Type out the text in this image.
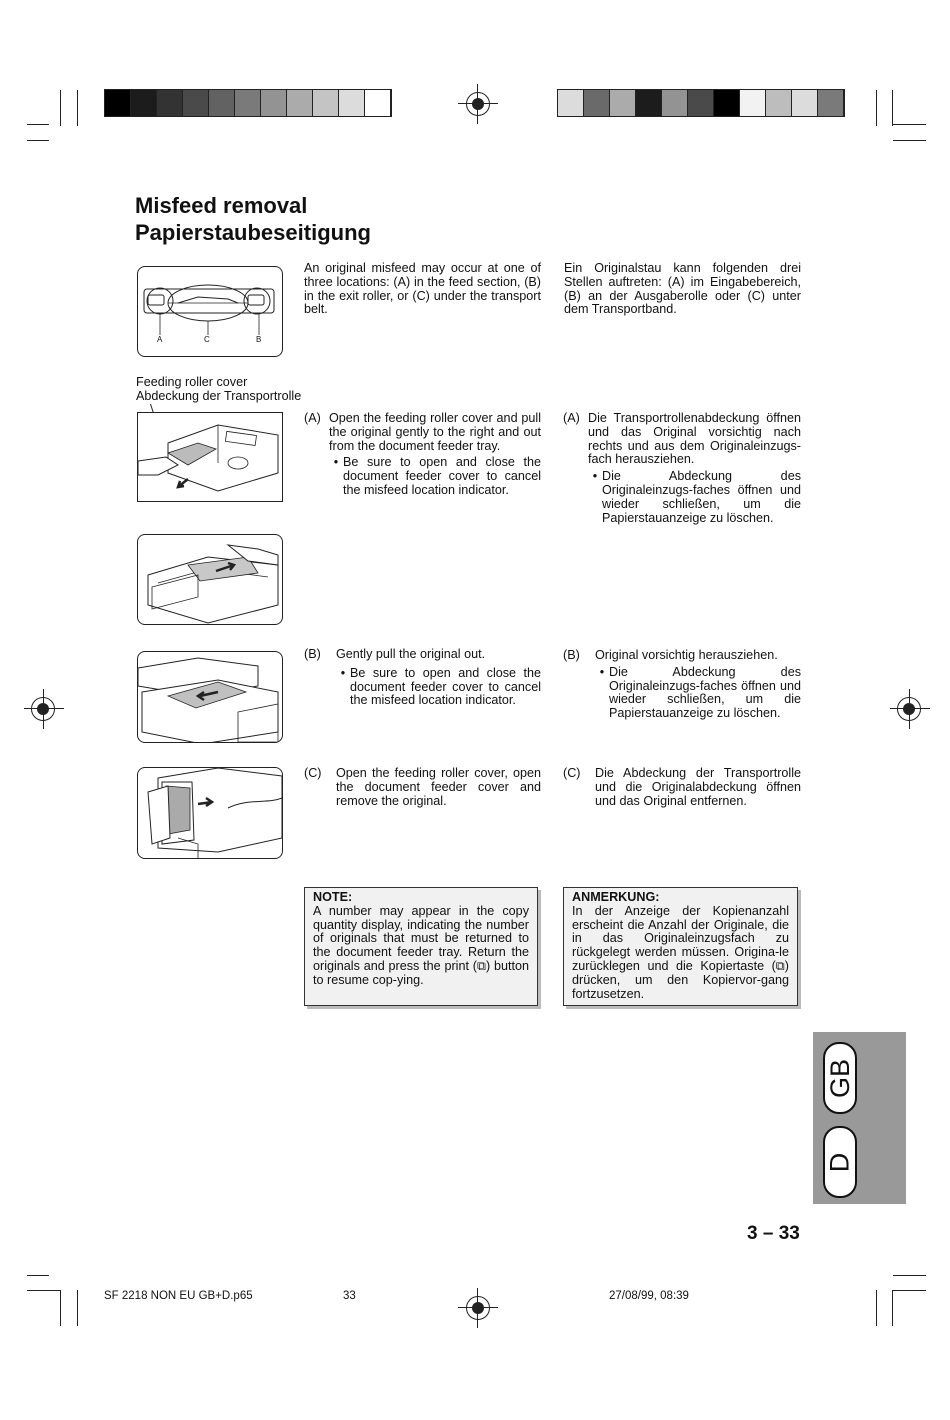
Misfeed removal
Papierstaubeseitigung
A	C	B
An original misfeed may occur at one of three locations: (A) in the feed section, (B) in the exit roller, or (C) under the transport belt.
Ein Originalstau kann folgenden drei Stellen auftreten: (A) im Eingabebereich, (B) an der Ausgaberolle oder (C) unter dem Transportband.
Feeding roller cover
Abdeckung der Transportrolle
(A) Open the feeding roller cover and pull the original gently to the right and out from the document feeder tray.
• Be sure to open and close the document feeder cover to cancel the misfeed location indicator.
(A) Die Transportrollenabdeckung öffnen und das Original vorsichtig nach rechts und aus dem Originaleinzugs-fach herausziehen.
• Die Abdeckung des Originaleinzugs-faches öffnen und wieder schließen, um die Papierstauanzeige zu löschen.
(B)	Gently pull the original out.
• Be sure to open and close the document feeder cover to cancel the misfeed location indicator.
(B)	Original vorsichtig herausziehen.
• Die Abdeckung des Originaleinzugs-faches öffnen und wieder schließen, um die Papierstauanzeige zu löschen.
(C)	Open the feeding roller cover, open the document feeder cover and remove the original.
(C)	Die Abdeckung der Transportrolle und die Originalabdeckung öffnen und das Original entfernen.
NOTE:
A number may appear in the copy quantity display, indicating the number of originals that must be returned to the document feeder tray. Return the originals and press the print (⧉) button to resume cop-ying.
ANMERKUNG:
In der Anzeige der Kopienanzahl erscheint die Anzahl der Originale, die in das Originaleinzugsfach zu rückgelegt werden müssen. Origina-le zurücklegen und die Kopiertaste (⧉) drücken, um den Kopiervor-gang fortzusetzen.
GB
D
3 – 33
SF 2218 NON EU GB+D.p65	33	27/08/99, 08:39
